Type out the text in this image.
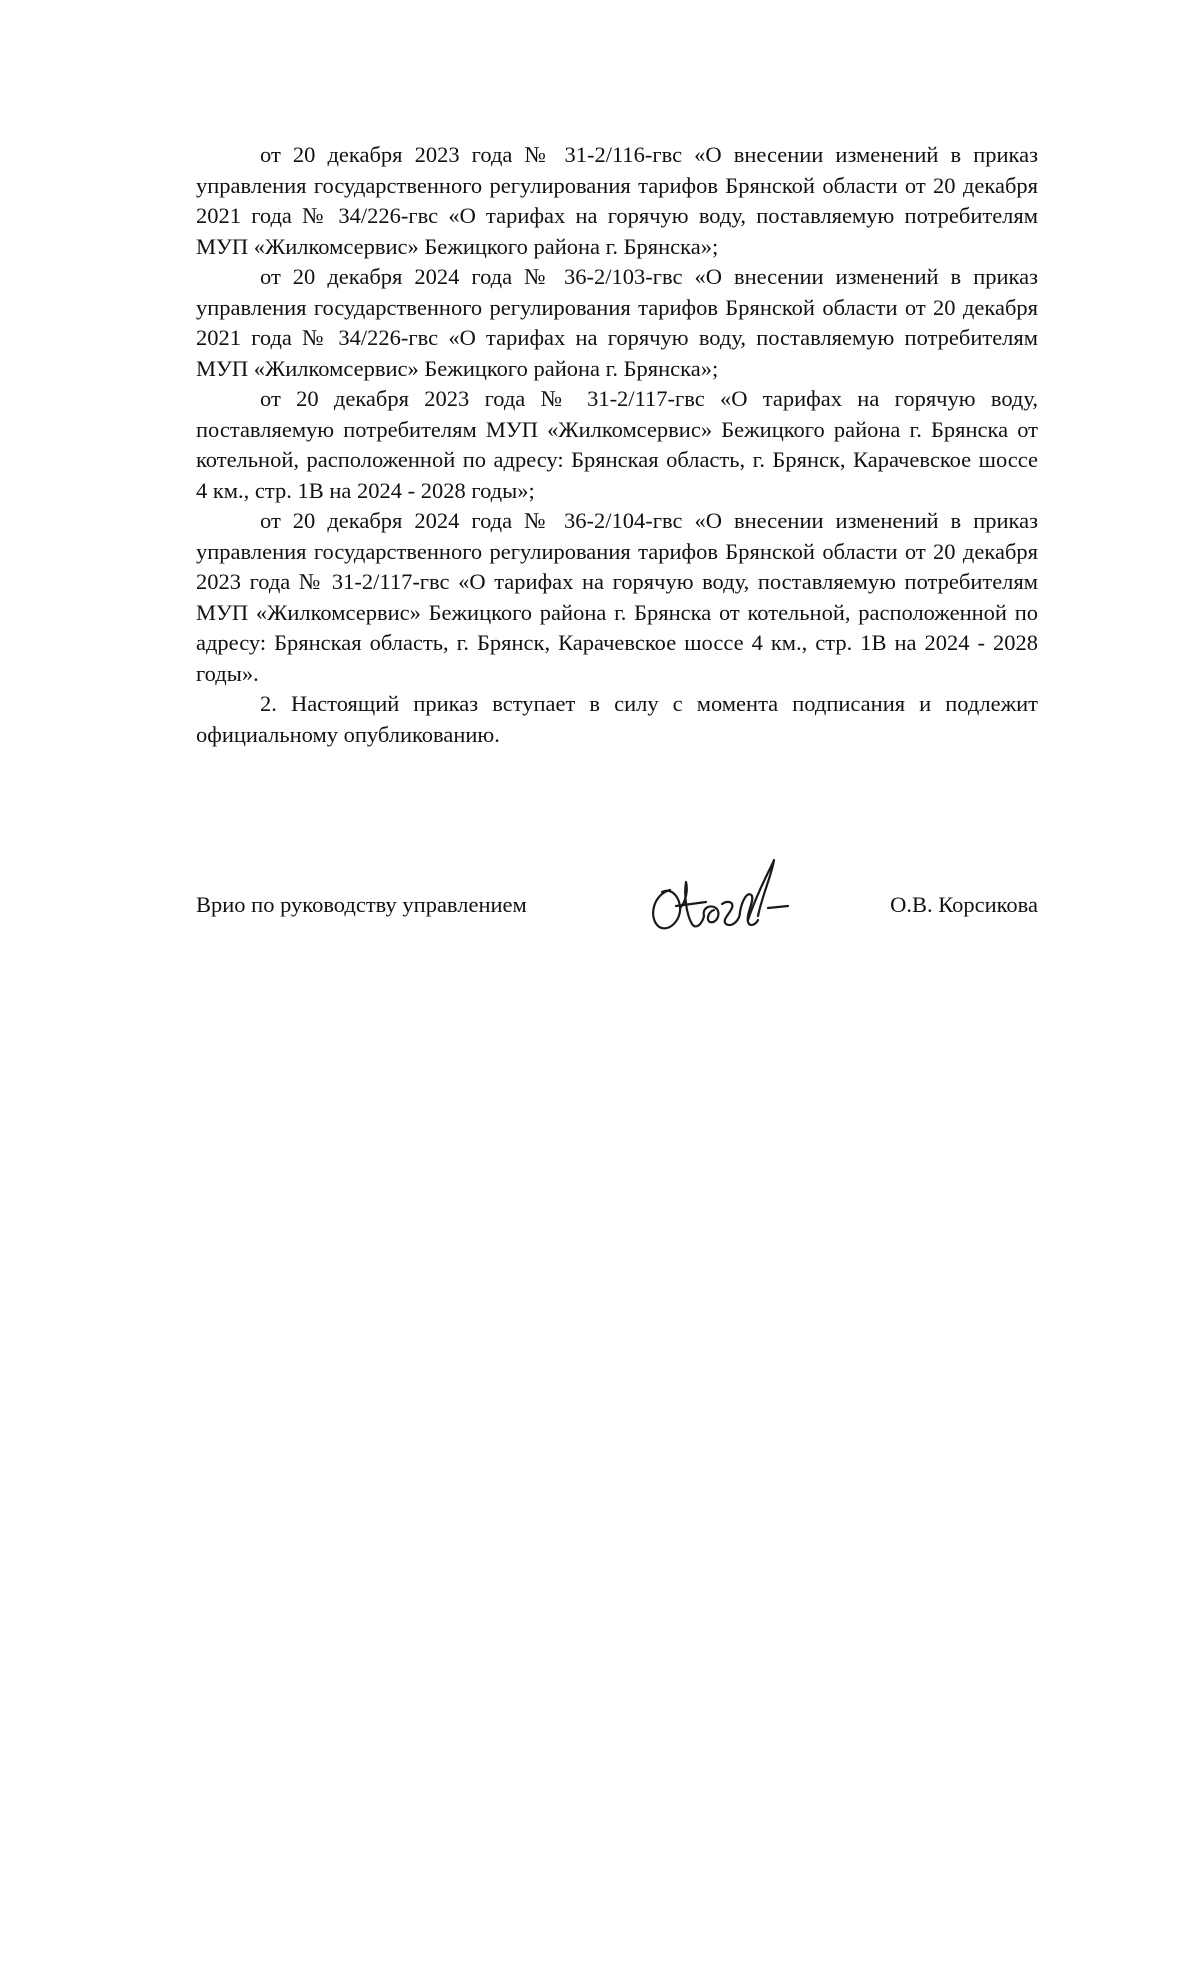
от 20 декабря 2023 года № 31-2/116-гвс «О внесении изменений в приказ управления государственного регулирования тарифов Брянской области от 20 декабря 2021 года № 34/226-гвс «О тарифах на горячую воду, поставляемую потребителям МУП «Жилкомсервис» Бежицкого района г. Брянска»;

от 20 декабря 2024 года № 36-2/103-гвс «О внесении изменений в приказ управления государственного регулирования тарифов Брянской области от 20 декабря 2021 года № 34/226-гвс «О тарифах на горячую воду, поставляемую потребителям МУП «Жилкомсервис» Бежицкого района г. Брянска»;

от 20 декабря 2023 года № 31-2/117-гвс «О тарифах на горячую воду, поставляемую потребителям МУП «Жилкомсервис» Бежицкого района г. Брянска от котельной, расположенной по адресу: Брянская область, г. Брянск, Карачевское шоссе 4 км., стр. 1В на 2024 - 2028 годы»;

от 20 декабря 2024 года № 36-2/104-гвс «О внесении изменений в приказ управления государственного регулирования тарифов Брянской области от 20 декабря 2023 года № 31-2/117-гвс «О тарифах на горячую воду, поставляемую потребителям МУП «Жилкомсервис» Бежицкого района г. Брянска от котельной, расположенной по адресу: Брянская область, г. Брянск, Карачевское шоссе 4 км., стр. 1В на 2024 - 2028 годы».

2. Настоящий приказ вступает в силу с момента подписания и подлежит официальному опубликованию.

Врио по руководству управлением	О.В. Корсикова
